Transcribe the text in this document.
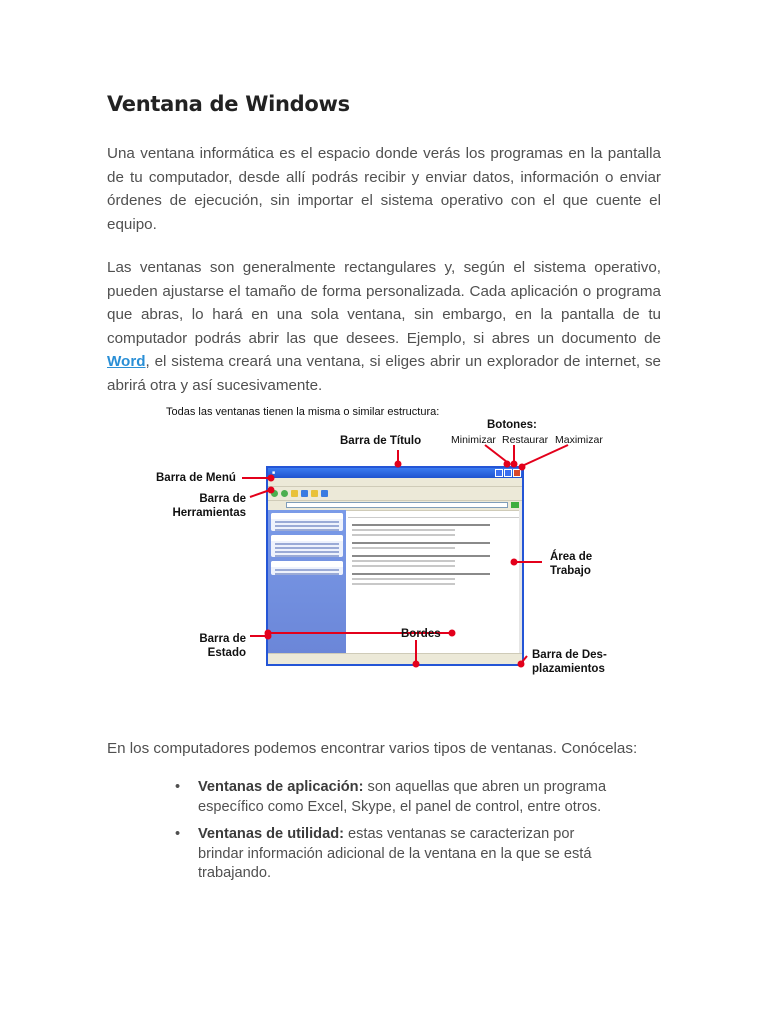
Ventana de Windows

Una ventana informática es el espacio donde verás los programas en la pantalla de tu computador, desde allí podrás recibir y enviar datos, información o enviar órdenes de ejecución, sin importar el sistema operativo con el que cuente el equipo.

Las ventanas son generalmente rectangulares y, según el sistema operativo, pueden ajustarse el tamaño de forma personalizada. Cada aplicación o programa que abras, lo hará en una sola ventana, sin embargo, en la pantalla de tu computador podrás abrir las que desees. Ejemplo, si abres un documento de Word, el sistema creará una ventana, si eliges abrir un explorador de internet, se abrirá otra y así sucesivamente.

Todas las ventanas tienen la misma o similar estructura:
■
Barra de Título
Botones:
Minimizar Restaurar Maximizar
Barra de Menú
Barra de
Herramientas
Área de
Trabajo
Barra de
Estado
Bordes
Barra de Des-
plazamientos

En los computadores podemos encontrar varios tipos de ventanas. Conócelas:

• Ventanas de aplicación: son aquellas que abren un programa específico como Excel, Skype, el panel de control, entre otros.
• Ventanas de utilidad: estas ventanas se caracterizan por brindar información adicional de la ventana en la que se está trabajando.
